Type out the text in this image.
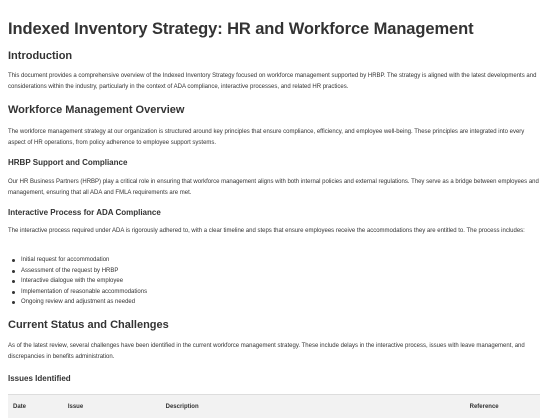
Indexed Inventory Strategy: HR and Workforce Management
Introduction

This document provides a comprehensive overview of the Indexed Inventory Strategy focused on workforce management supported by HRBP. The strategy is aligned with the latest developments and considerations within the industry, particularly in the context of ADA compliance, interactive processes, and related HR practices.

Workforce Management Overview

The workforce management strategy at our organization is structured around key principles that ensure compliance, efficiency, and employee well-being. These principles are integrated into every aspect of HR operations, from policy adherence to employee support systems.

HRBP Support and Compliance

Our HR Business Partners (HRBP) play a critical role in ensuring that workforce management aligns with both internal policies and external regulations. They serve as a bridge between employees and management, ensuring that all ADA and FMLA requirements are met.

Interactive Process for ADA Compliance

The interactive process required under ADA is rigorously adhered to, with a clear timeline and steps that ensure employees receive the accommodations they are entitled to. The process includes:

Initial request for accommodation
Assessment of the request by HRBP
Interactive dialogue with the employee
Implementation of reasonable accommodations
Ongoing review and adjustment as needed
Current Status and Challenges

As of the latest review, several challenges have been identified in the current workforce management strategy. These include delays in the interactive process, issues with leave management, and discrepancies in benefits administration.

Issues Identified
Date	Issue	Description	Reference
